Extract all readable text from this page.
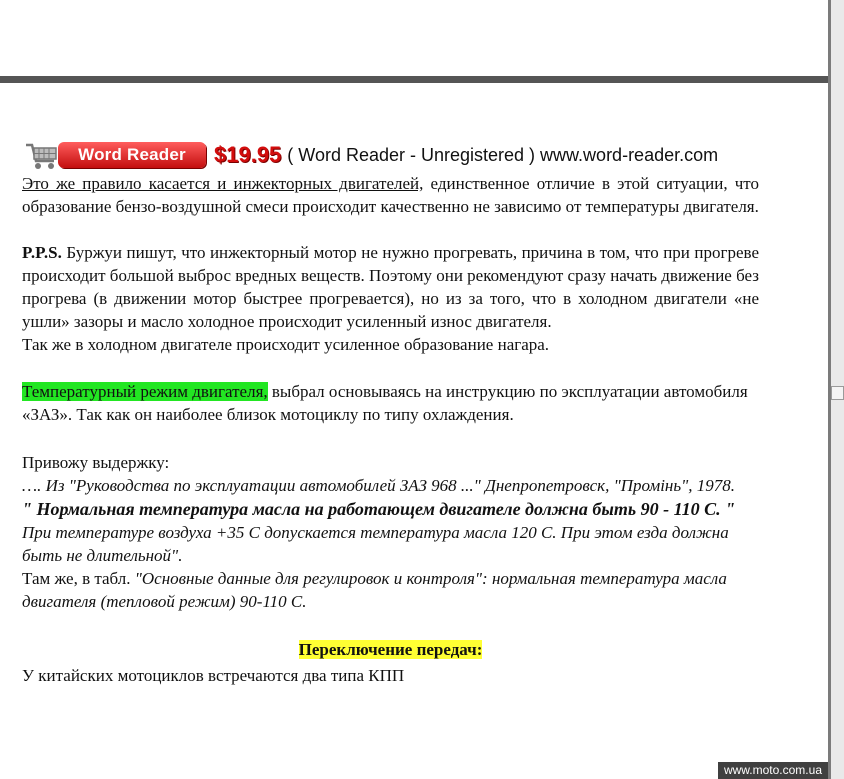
Word Reader	$19.95 ( Word Reader - Unregistered ) www.word-reader.com

Это же правило касается и инжекторных двигателей, единственное отличие в этой ситуации, что образование бензо-воздушной смеси происходит качественно не зависимо от температуры двигателя.

P.P.S. Буржуи пишут, что инжекторный мотор не нужно прогревать, причина в том, что при прогреве происходит большой выброс вредных веществ. Поэтому они рекомендуют сразу начать движение без прогрева (в движении мотор быстрее прогревается), но из за того, что в холодном двигатели «не ушли» зазоры и масло холодное происходит усиленный износ двигателя.

Так же в холодном двигателе происходит усиленное образование нагара.

Температурный режим двигателя, выбрал основываясь на инструкцию по эксплуатации автомобиля «ЗАЗ». Так как он наиболее близок мотоциклу по типу охлаждения.

Привожу выдержку:

…. Из "Руководства по эксплуатации автомобилей ЗАЗ 968 ..." Днепропетровск, "Промінь", 1978.

" Нормальная температура масла на работающем двигателе должна быть 90 - 110 С. "

При температуре воздуха +35 С допускается температура масла 120 С. При этом езда должна быть не длительной".

Там же, в табл. "Основные данные для регулировок и контроля": нормальная температура масла двигателя (тепловой режим) 90-110 С.

Переключение передач:

У китайских мотоциклов встречаются два типа КПП

www.moto.com.ua
